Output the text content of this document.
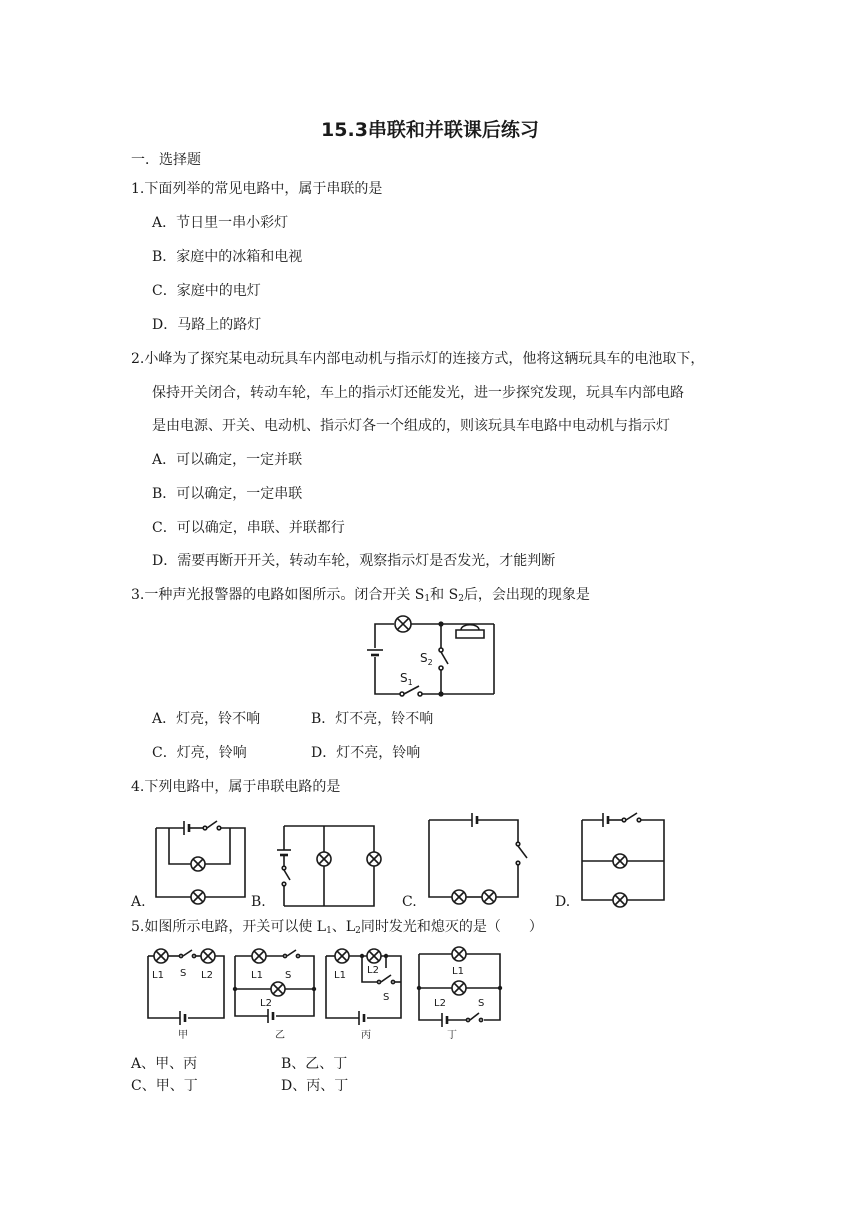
15.3串联和并联课后练习
一．选择题
1.下面列举的常见电路中，属于串联的是
A．节日里一串小彩灯
B．家庭中的冰箱和电视
C．家庭中的电灯
D．马路上的路灯
2.小峰为了探究某电动玩具车内部电动机与指示灯的连接方式，他将这辆玩具车的电池取下，
保持开关闭合，转动车轮，车上的指示灯还能发光，进一步探究发现，玩具车内部电路
是由电源、开关、电动机、指示灯各一个组成的，则该玩具车电路中电动机与指示灯
A．可以确定，一定并联
B．可以确定，一定串联
C．可以确定，串联、并联都行
D．需要再断开开关，转动车轮，观察指示灯是否发光，才能判断
3.一种声光报警器的电路如图所示。闭合开关 $S_1$和 $S_2$后，会出现的现象是
$S_2$
$S_1$
A．灯亮，铃不响	B．灯不亮，铃不响
C．灯亮，铃响	D．灯不亮，铃响
4.下列电路中，属于串联电路的是
A.	B.	C.	D.
5.如图所示电路，开关可以使 $L_1$、$L_2$同时发光和熄灭的是（　　）
L1 S L2
甲
L1 S
L2
乙
L1 L2
S
丙
L1
L2	S
丁
A、甲、丙	B、乙、丁
C、甲、丁	D、丙、丁
